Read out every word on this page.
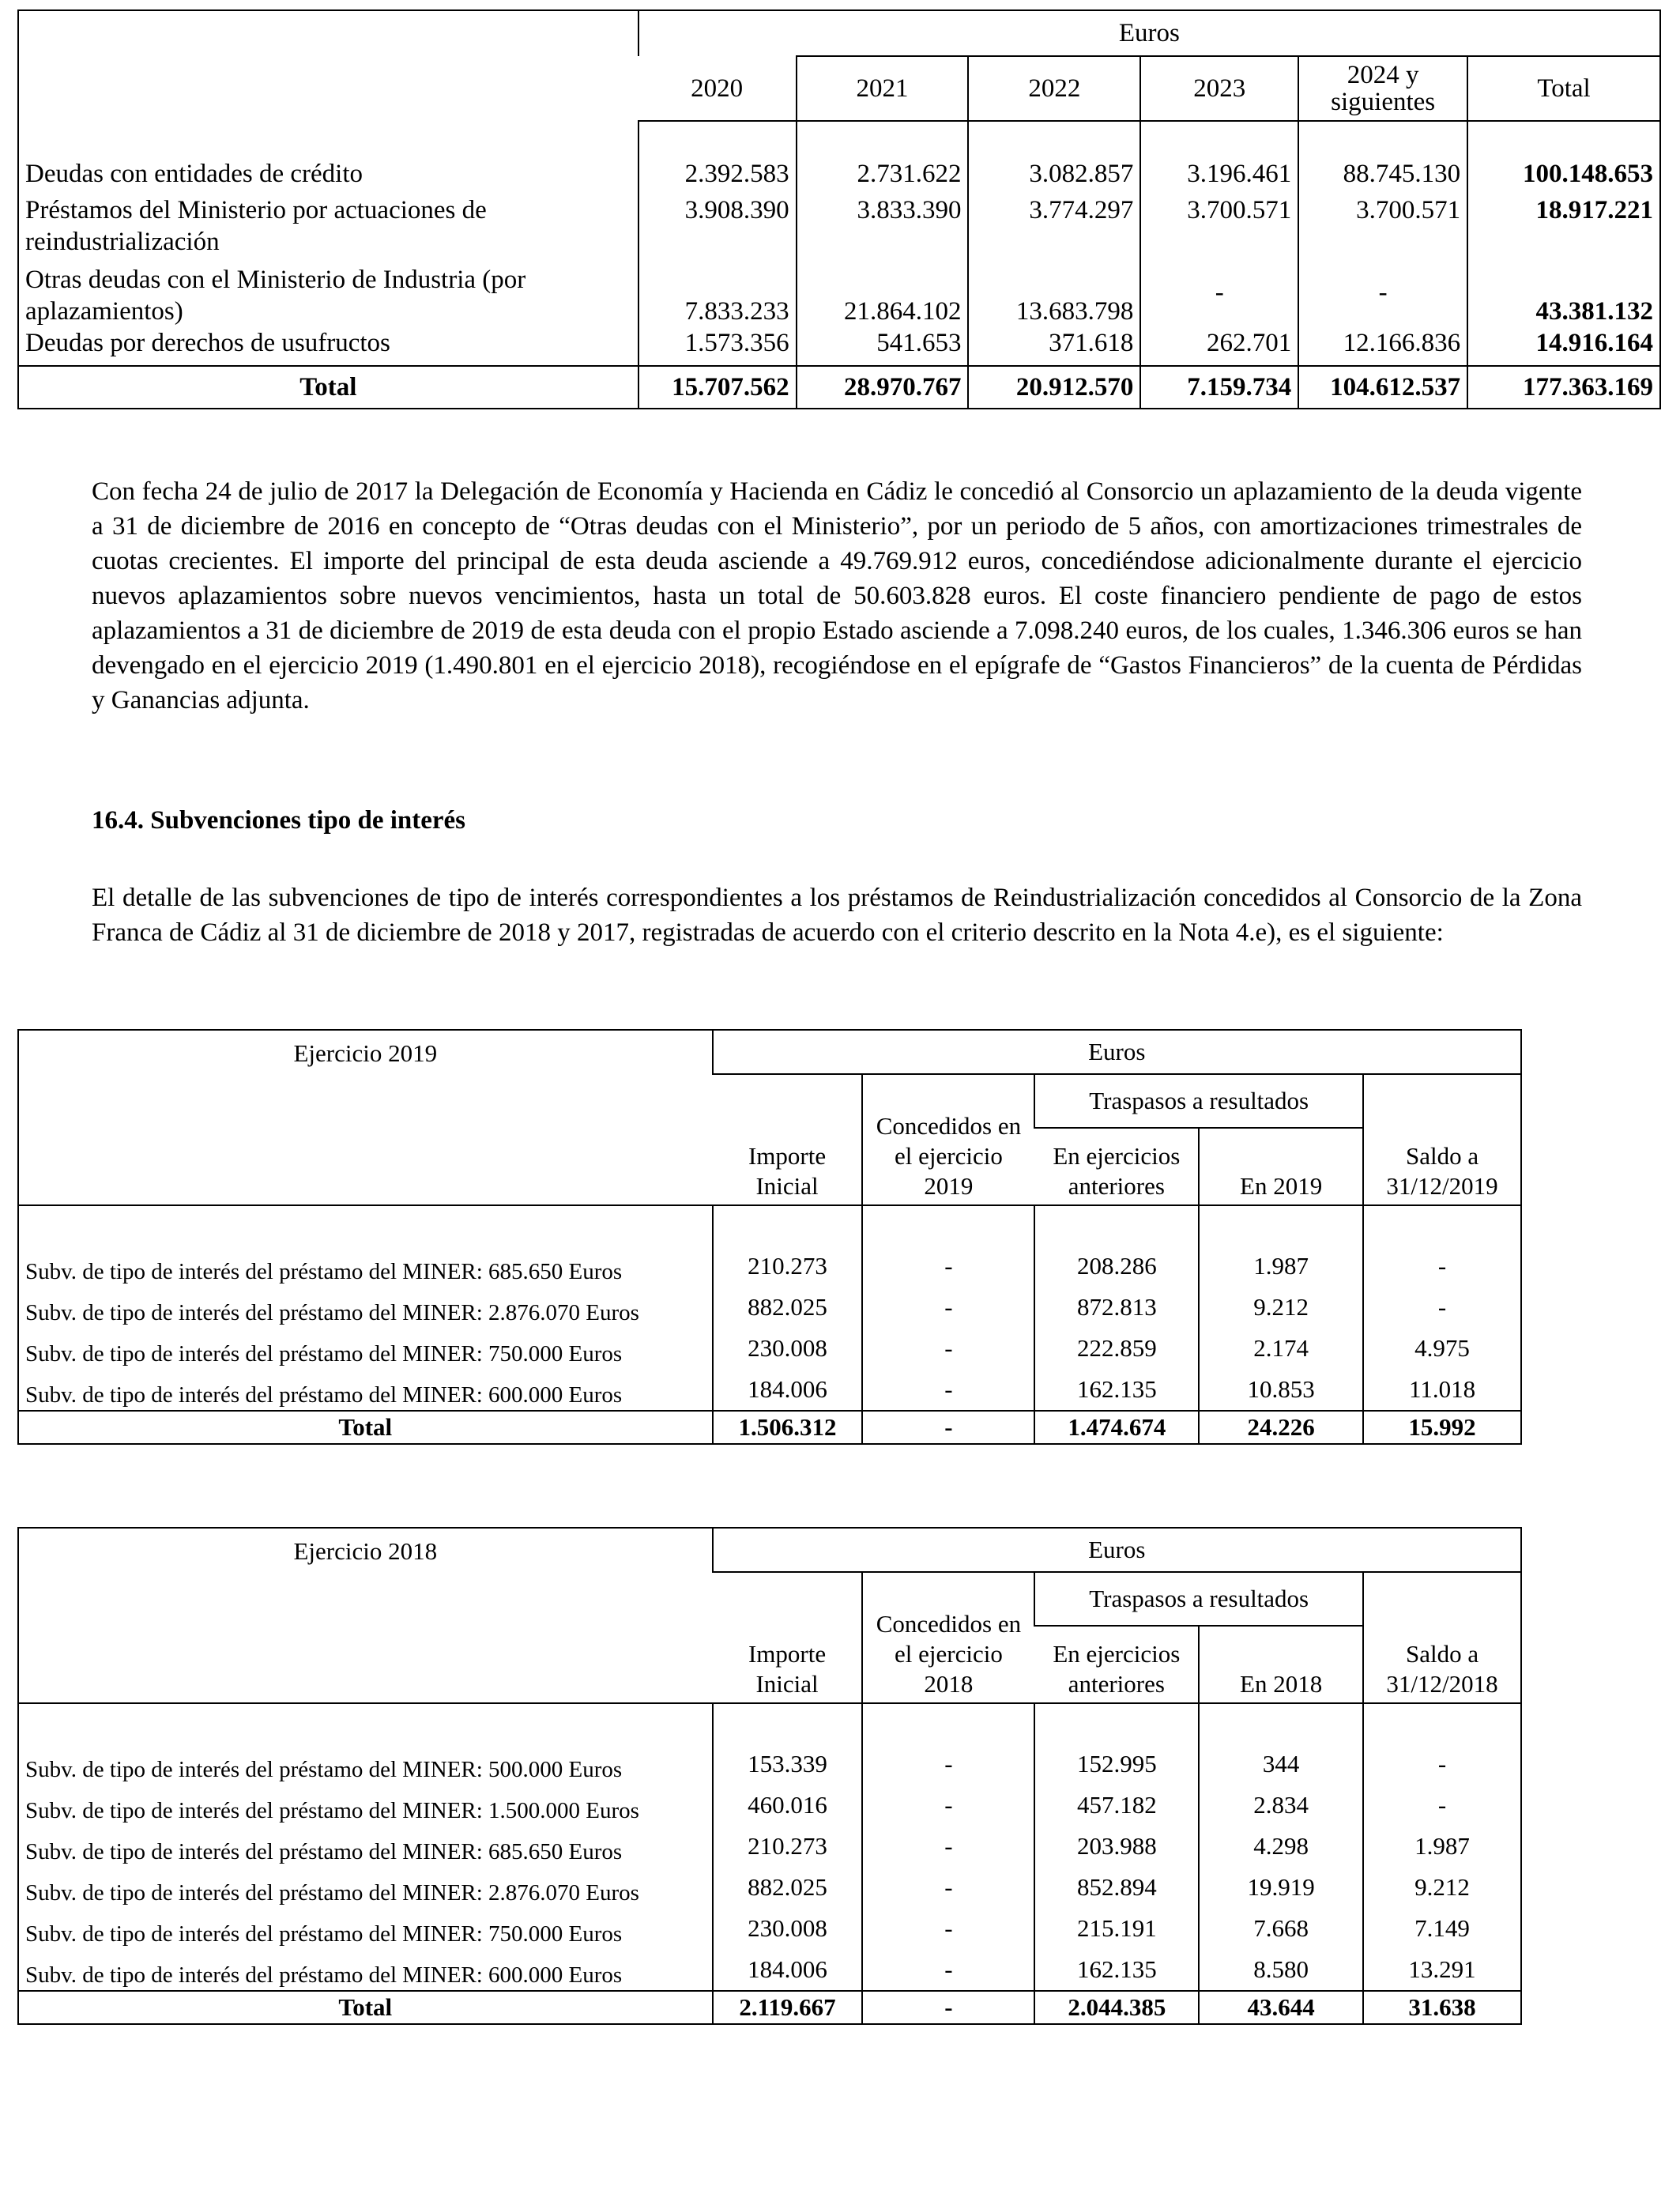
	Euros					
	2020	2021	2022	2023	2024 y siguientes	Total

Deudas con entidades de crédito	2.392.583	2.731.622	3.082.857	3.196.461	88.745.130	100.148.653
Préstamos del Ministerio por actuaciones de reindustrialización	3.908.390	3.833.390	3.774.297	3.700.571	3.700.571	18.917.221
Otras deudas con el Ministerio de Industria (por aplazamientos)	7.833.233	21.864.102	13.683.798	-	-	43.381.132
Deudas por derechos de usufructos	1.573.356	541.653	371.618	262.701	12.166.836	14.916.164
Total	15.707.562	28.970.767	20.912.570	7.159.734	104.612.537	177.363.169

Con fecha 24 de julio de 2017 la Delegación de Economía y Hacienda en Cádiz le concedió al Consorcio un aplazamiento de la deuda vigente a 31 de diciembre de 2016 en concepto de “Otras deudas con el Ministerio”, por un periodo de 5 años, con amortizaciones trimestrales de cuotas crecientes. El importe del principal de esta deuda asciende a 49.769.912 euros, concediéndose adicionalmente durante el ejercicio nuevos aplazamientos sobre nuevos vencimientos, hasta un total de 50.603.828 euros. El coste financiero pendiente de pago de estos aplazamientos a 31 de diciembre de 2019 de esta deuda con el propio Estado asciende a 7.098.240 euros, de los cuales, 1.346.306 euros se han devengado en el ejercicio 2019 (1.490.801 en el ejercicio 2018), recogiéndose en el epígrafe de “Gastos Financieros” de la cuenta de Pérdidas y Ganancias adjunta.

16.4. Subvenciones tipo de interés

El detalle de las subvenciones de tipo de interés correspondientes a los préstamos de Reindustrialización concedidos al Consorcio de la Zona Franca de Cádiz al 31 de diciembre de 2018 y 2017, registradas de acuerdo con el criterio descrito en la Nota 4.e), es el siguiente:

Ejercicio 2019	Euros				
	Importe Inicial	Concedidos en el ejercicio 2019	Traspasos a resultados		Saldo a 31/12/2019
			En ejercicios anteriores	En 2019	

Subv. de tipo de interés del préstamo del MINER: 685.650 Euros	210.273	-	208.286	1.987	-
Subv. de tipo de interés del préstamo del MINER: 2.876.070 Euros	882.025	-	872.813	9.212	-
Subv. de tipo de interés del préstamo del MINER: 750.000 Euros	230.008	-	222.859	2.174	4.975
Subv. de tipo de interés del préstamo del MINER: 600.000 Euros	184.006	-	162.135	10.853	11.018
Total	1.506.312	-	1.474.674	24.226	15.992
Ejercicio 2018	Euros				
	Importe Inicial	Concedidos en el ejercicio 2018	Traspasos a resultados		Saldo a 31/12/2018
			En ejercicios anteriores	En 2018	

Subv. de tipo de interés del préstamo del MINER: 500.000 Euros	153.339	-	152.995	344	-
Subv. de tipo de interés del préstamo del MINER: 1.500.000 Euros	460.016	-	457.182	2.834	-
Subv. de tipo de interés del préstamo del MINER: 685.650 Euros	210.273	-	203.988	4.298	1.987
Subv. de tipo de interés del préstamo del MINER: 2.876.070 Euros	882.025	-	852.894	19.919	9.212
Subv. de tipo de interés del préstamo del MINER: 750.000 Euros	230.008	-	215.191	7.668	7.149
Subv. de tipo de interés del préstamo del MINER: 600.000 Euros	184.006	-	162.135	8.580	13.291
Total	2.119.667	-	2.044.385	43.644	31.638
